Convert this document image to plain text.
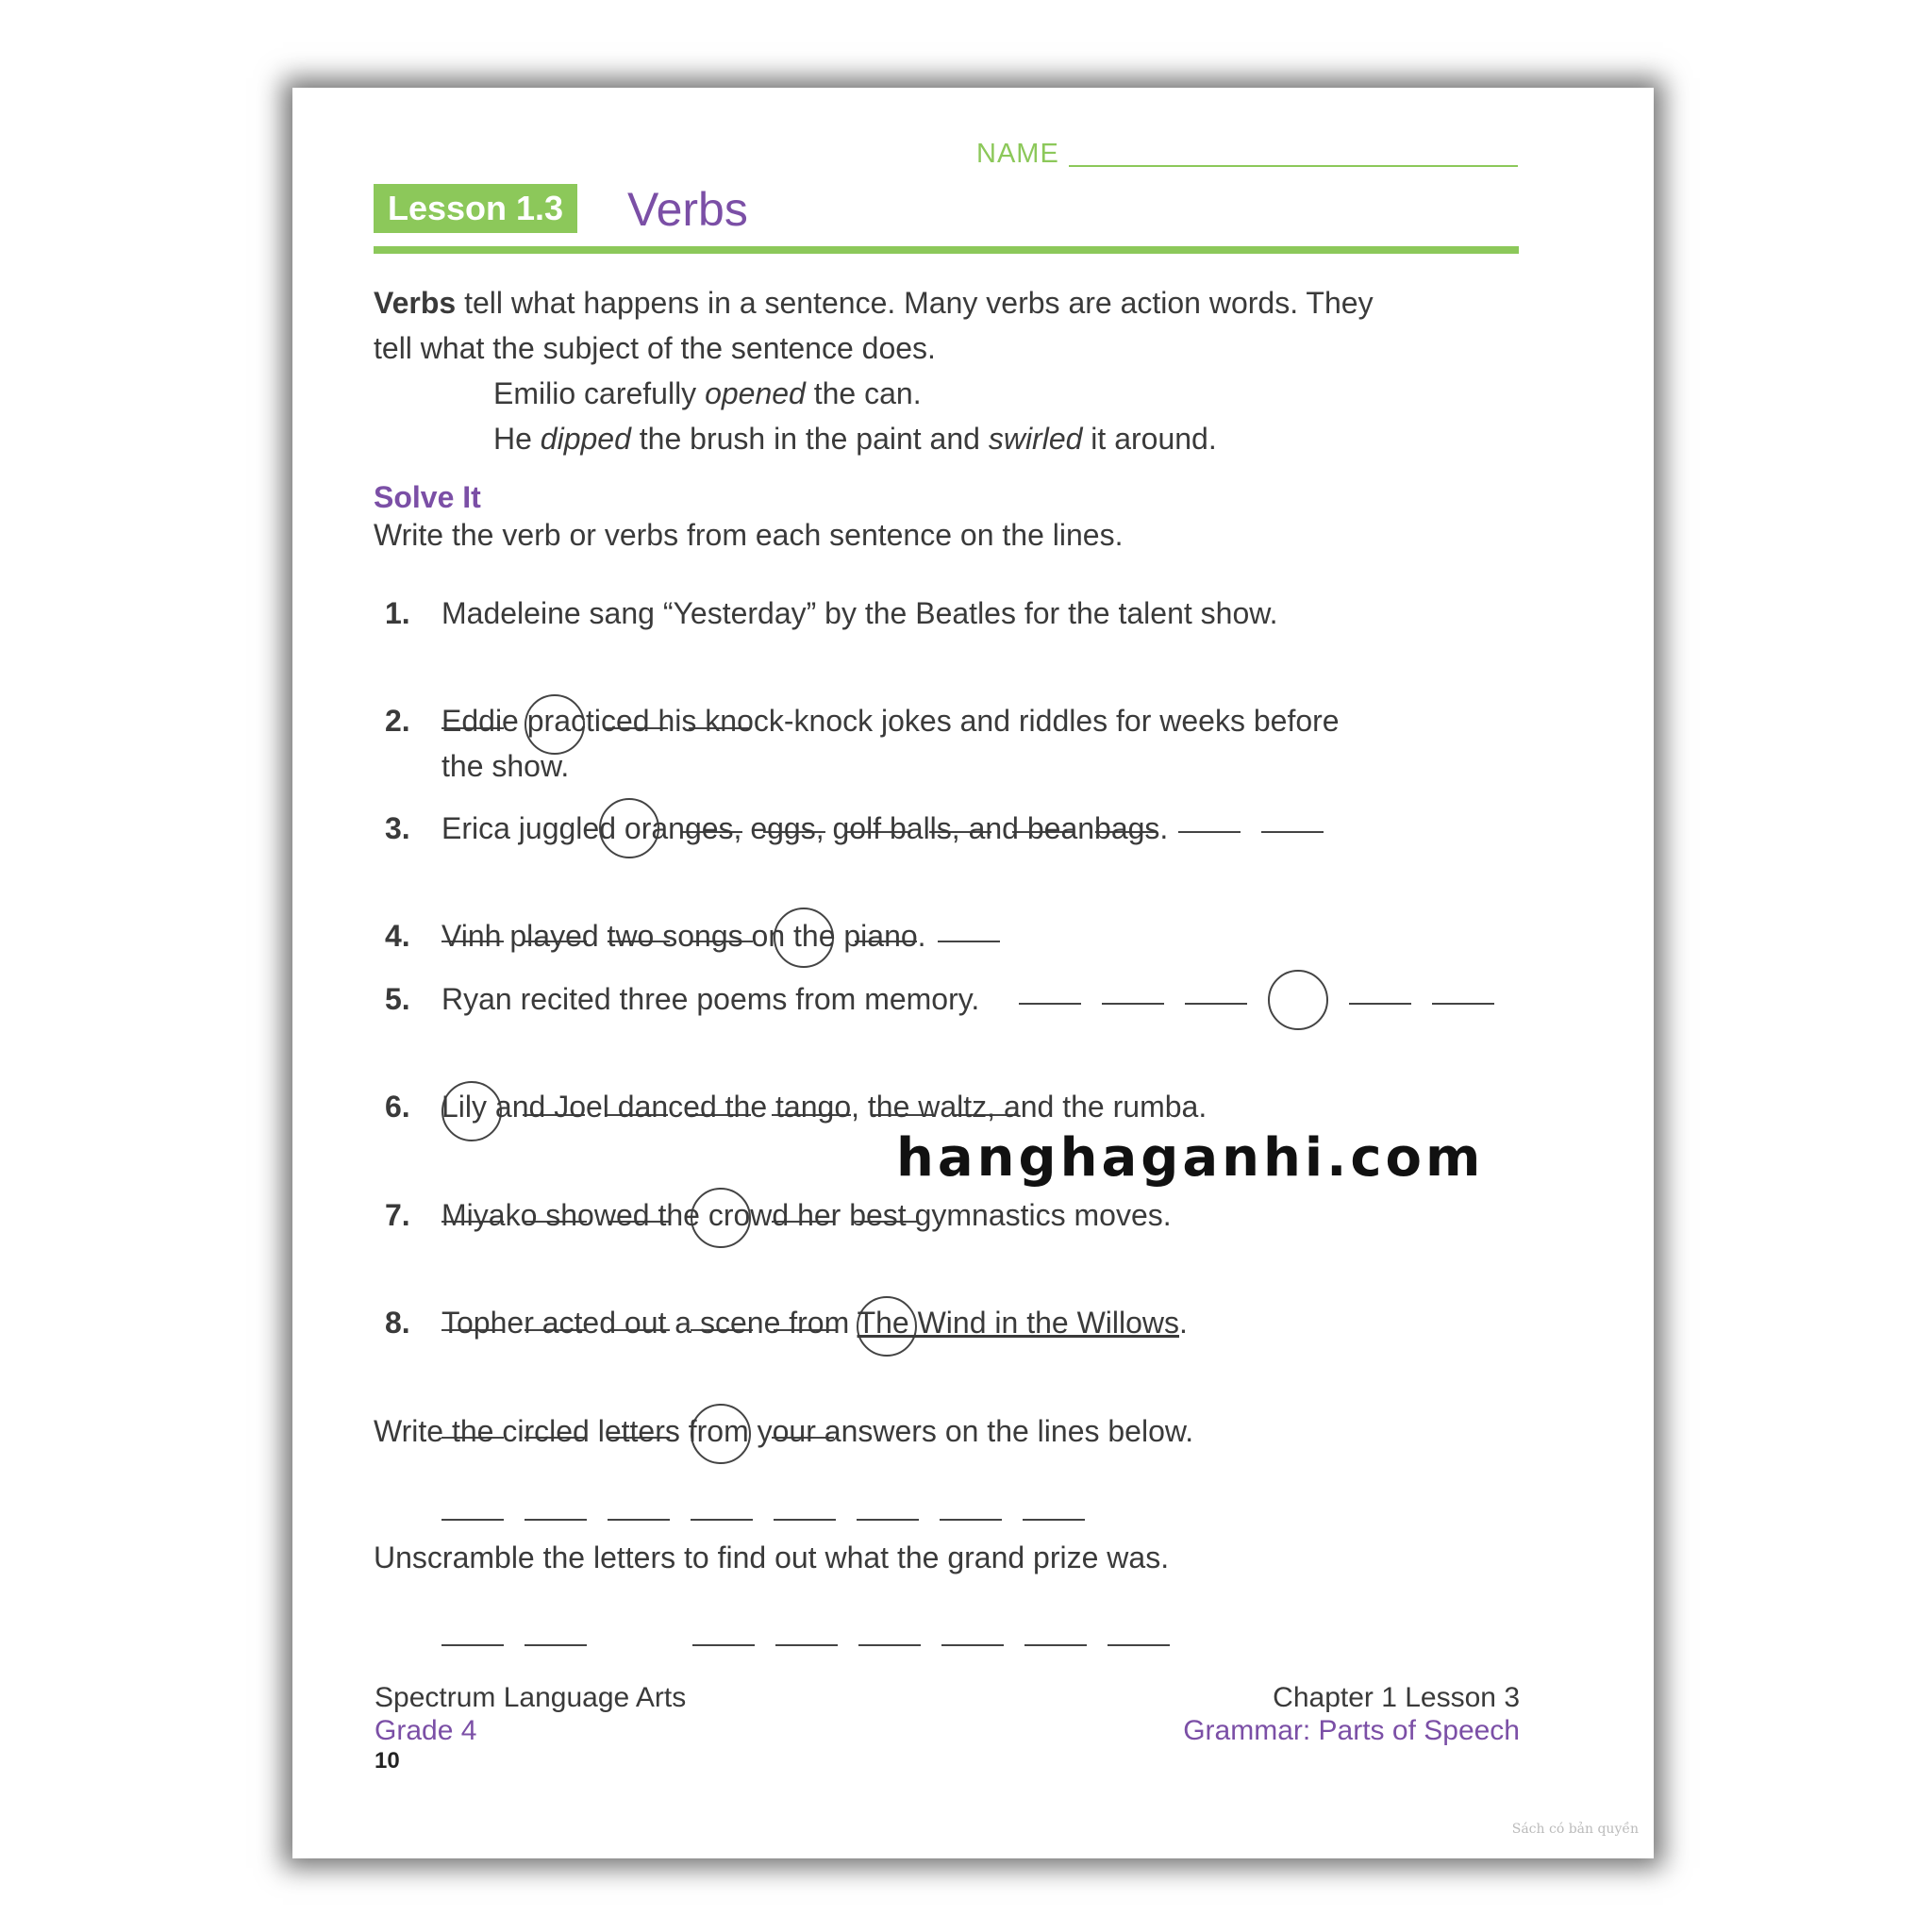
NAME
Lesson 1.3 Verbs
Verbs tell what happens in a sentence. Many verbs are action words. They
tell what the subject of the sentence does.
Emilio carefully opened the can.
He dipped the brush in the paint and swirled it around.
Solve It
Write the verb or verbs from each sentence on the lines.
1. Madeleine sang “Yesterday” by the Beatles for the talent show.
2. Eddie practiced his knock-knock jokes and riddles for weeks before
the show.
3. Erica juggled oranges, eggs, golf balls, and beanbags.
4. Vinh played two songs on the piano.
5. Ryan recited three poems from memory.
6. Lily and Joel danced the tango, the waltz, and the rumba.
7. Miyako showed the crowd her best gymnastics moves.
8. Topher acted out a scene from The Wind in the Willows.
Write the circled letters from your answers on the lines below.
Unscramble the letters to find out what the grand prize was.
Spectrum Language Arts
Grade 4
10
Chapter 1 Lesson 3
Grammar: Parts of Speech
Sách có bản quyền
hanghaganhi.com
